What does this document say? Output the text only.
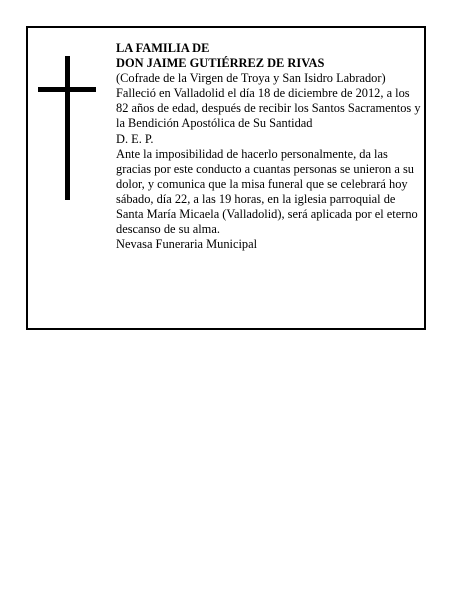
LA FAMILIA DE

DON JAIME GUTIÉRREZ DE RIVAS

(Cofrade de la Virgen de Troya y San Isidro Labrador)

Falleció en Valladolid el día 18 de diciembre de 2012, a los 82 años de edad, después de recibir los Santos Sacramentos y la Bendición Apostólica de Su Santidad

D. E. P.

Ante la imposibilidad de hacerlo personalmente, da las gracias por este conducto a cuantas personas se unieron a su dolor, y comunica que la misa funeral que se celebrará hoy sábado, día 22, a las 19 horas, en la iglesia parroquial de Santa María Micaela (Valladolid), será aplicada por el eterno descanso de su alma.

Nevasa Funeraria Municipal
